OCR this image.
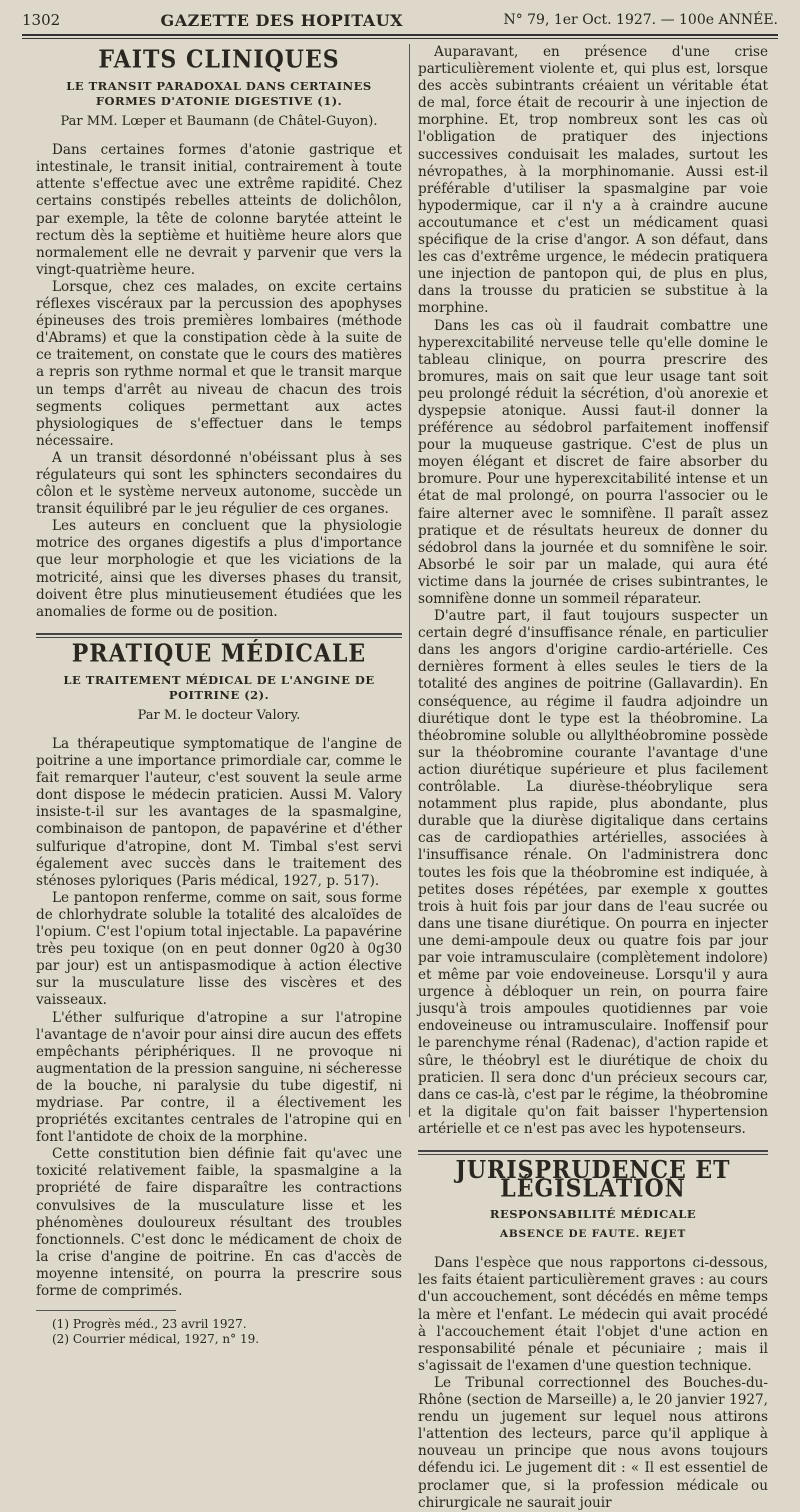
1302	GAZETTE DES HOPITAUX	N° 79, 1er Oct. 1927. — 100e ANNÉE.
FAITS CLINIQUES
LE TRANSIT PARADOXAL DANS CERTAINES FORMES D'ATONIE DIGESTIVE (1).
Par MM. Lœper et Baumann (de Châtel-Guyon).

Dans certaines formes d'atonie gastrique et intestinale, le transit initial, contrairement à toute attente s'effectue avec une extrême rapidité. Chez certains constipés rebelles atteints de dolichôlon, par exemple, la tête de colonne barytée atteint le rectum dès la septième et huitième heure alors que normalement elle ne devrait y parvenir que vers la vingt-quatrième heure.

Lorsque, chez ces malades, on excite certains réflexes viscéraux par la percussion des apophyses épineuses des trois premières lombaires (méthode d'Abrams) et que la constipation cède à la suite de ce traitement, on constate que le cours des matières a repris son rythme normal et que le transit marque un temps d'arrêt au niveau de chacun des trois segments coliques permettant aux actes physiologiques de s'effectuer dans le temps nécessaire.

A un transit désordonné n'obéissant plus à ses régulateurs qui sont les sphincters secondaires du côlon et le système nerveux autonome, succède un transit équilibré par le jeu régulier de ces organes.

Les auteurs en concluent que la physiologie motrice des organes digestifs a plus d'importance que leur morphologie et que les viciations de la motricité, ainsi que les diverses phases du transit, doivent être plus minutieusement étudiées que les anomalies de forme ou de position.

PRATIQUE MÉDICALE
LE TRAITEMENT MÉDICAL DE L'ANGINE DE POITRINE (2).
Par M. le docteur Valory.

La thérapeutique symptomatique de l'angine de poitrine a une importance primordiale car, comme le fait remarquer l'auteur, c'est souvent la seule arme dont dispose le médecin praticien. Aussi M. Valory insiste-t-il sur les avantages de la spasmalgine, combinaison de pantopon, de papavérine et d'éther sulfurique d'atropine, dont M. Timbal s'est servi également avec succès dans le traitement des sténoses pyloriques (Paris médical, 1927, p. 517).

Le pantopon renferme, comme on sait, sous forme de chlorhydrate soluble la totalité des alcaloïdes de l'opium. C'est l'opium total injectable. La papavérine très peu toxique (on en peut donner 0g20 à 0g30 par jour) est un antispasmodique à action élective sur la musculature lisse des viscères et des vaisseaux.

L'éther sulfurique d'atropine a sur l'atropine l'avantage de n'avoir pour ainsi dire aucun des effets empêchants périphériques. Il ne provoque ni augmentation de la pression sanguine, ni sécheresse de la bouche, ni paralysie du tube digestif, ni mydriase. Par contre, il a électivement les propriétés excitantes centrales de l'atropine qui en font l'antidote de choix de la morphine.

Cette constitution bien définie fait qu'avec une toxicité relativement faible, la spasmalgine a la propriété de faire disparaître les contractions convulsives de la musculature lisse et les phénomènes douloureux résultant des troubles fonctionnels. C'est donc le médicament de choix de la crise d'angine de poitrine. En cas d'accès de moyenne intensité, on pourra la prescrire sous forme de comprimés.

(1) Progrès méd., 23 avril 1927.
(2) Courrier médical, 1927, n° 19.

Auparavant, en présence d'une crise particulièrement violente et, qui plus est, lorsque des accès subintrants créaient un véritable état de mal, force était de recourir à une injection de morphine. Et, trop nombreux sont les cas où l'obligation de pratiquer des injections successives conduisait les malades, surtout les névropathes, à la morphinomanie. Aussi est-il préférable d'utiliser la spasmalgine par voie hypodermique, car il n'y a à craindre aucune accoutumance et c'est un médicament quasi spécifique de la crise d'angor. A son défaut, dans les cas d'extrême urgence, le médecin pratiquera une injection de pantopon qui, de plus en plus, dans la trousse du praticien se substitue à la morphine.

Dans les cas où il faudrait combattre une hyperexcitabilité nerveuse telle qu'elle domine le tableau clinique, on pourra prescrire des bromures, mais on sait que leur usage tant soit peu prolongé réduit la sécrétion, d'où anorexie et dyspepsie atonique. Aussi faut-il donner la préférence au sédobrol parfaitement inoffensif pour la muqueuse gastrique. C'est de plus un moyen élégant et discret de faire absorber du bromure. Pour une hyperexcitabilité intense et un état de mal prolongé, on pourra l'associer ou le faire alterner avec le somnifène. Il paraît assez pratique et de résultats heureux de donner du sédobrol dans la journée et du somnifène le soir. Absorbé le soir par un malade, qui aura été victime dans la journée de crises subintrantes, le somnifène donne un sommeil réparateur.

D'autre part, il faut toujours suspecter un certain degré d'insuffisance rénale, en particulier dans les angors d'origine cardio-artérielle. Ces dernières forment à elles seules le tiers de la totalité des angines de poitrine (Gallavardin). En conséquence, au régime il faudra adjoindre un diurétique dont le type est la théobromine. La théobromine soluble ou allylthéobromine possède sur la théobromine courante l'avantage d'une action diurétique supérieure et plus facilement contrôlable. La diurèse-théobrylique sera notamment plus rapide, plus abondante, plus durable que la diurèse digitalique dans certains cas de cardiopathies artérielles, associées à l'insuffisance rénale. On l'administrera donc toutes les fois que la théobromine est indiquée, à petites doses répétées, par exemple x gouttes trois à huit fois par jour dans de l'eau sucrée ou dans une tisane diurétique. On pourra en injecter une demi-ampoule deux ou quatre fois par jour par voie intramusculaire (complètement indolore) et même par voie endoveineuse. Lorsqu'il y aura urgence à débloquer un rein, on pourra faire jusqu'à trois ampoules quotidiennes par voie endoveineuse ou intramusculaire. Inoffensif pour le parenchyme rénal (Radenac), d'action rapide et sûre, le théobryl est le diurétique de choix du praticien. Il sera donc d'un précieux secours car, dans ce cas-là, c'est par le régime, la théobromine et la digitale qu'on fait baisser l'hypertension artérielle et ce n'est pas avec les hypotenseurs.

JURISPRUDENCE ET LÉGISLATION
RESPONSABILITÉ MÉDICALE
ABSENCE DE FAUTE. REJET

Dans l'espèce que nous rapportons ci-dessous, les faits étaient particulièrement graves : au cours d'un accouchement, sont décédés en même temps la mère et l'enfant. Le médecin qui avait procédé à l'accouchement était l'objet d'une action en responsabilité pénale et pécuniaire ; mais il s'agissait de l'examen d'une question technique.

Le Tribunal correctionnel des Bouches-du-Rhône (section de Marseille) a, le 20 janvier 1927, rendu un jugement sur lequel nous attirons l'attention des lecteurs, parce qu'il applique à nouveau un principe que nous avons toujours défendu ici. Le jugement dit : « Il est essentiel de proclamer que, si la profession médicale ou chirurgicale ne saurait jouir
